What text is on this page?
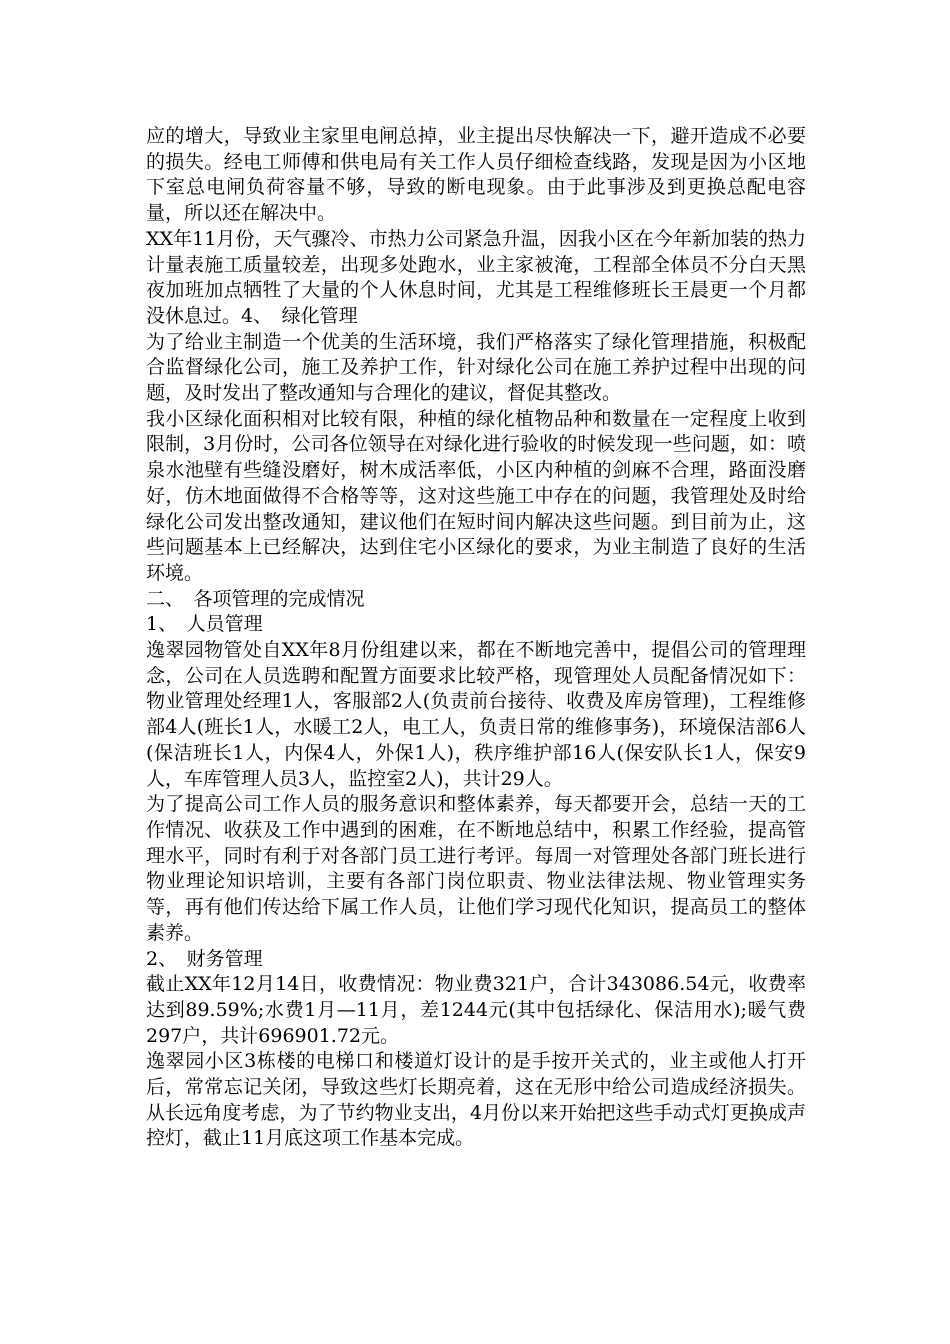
应的增大，导致业主家里电闸总掉，业主提出尽快解决一下，避开造成不必要的损失。经电工师傅和供电局有关工作人员仔细检查线路，发现是因为小区地下室总电闸负荷容量不够，导致的断电现象。由于此事涉及到更换总配电容量，所以还在解决中。

XX年11月份，天气骤冷、市热力公司紧急升温，因我小区在今年新加装的热力计量表施工质量较差，出现多处跑水，业主家被淹，工程部全体员不分白天黑夜加班加点牺牲了大量的个人休息时间，尤其是工程维修班长王晨更一个月都没休息过。4、　绿化管理

为了给业主制造一个优美的生活环境，我们严格落实了绿化管理措施，积极配合监督绿化公司，施工及养护工作，针对绿化公司在施工养护过程中出现的问题，及时发出了整改通知与合理化的建议，督促其整改。

我小区绿化面积相对比较有限，种植的绿化植物品种和数量在一定程度上收到限制，3月份时，公司各位领导在对绿化进行验收的时候发现一些问题，如：喷泉水池壁有些缝没磨好，树木成活率低，小区内种植的剑麻不合理，路面没磨好，仿木地面做得不合格等等，这对这些施工中存在的问题，我管理处及时给绿化公司发出整改通知，建议他们在短时间内解决这些问题。到目前为止，这些问题基本上已经解决，达到住宅小区绿化的要求，为业主制造了良好的生活环境。

二、　各项管理的完成情况

1、　人员管理

逸翠园物管处自XX年8月份组建以来，都在不断地完善中，提倡公司的管理理念，公司在人员选聘和配置方面要求比较严格，现管理处人员配备情况如下：物业管理处经理1人，客服部2人(负责前台接待、收费及库房管理)，工程维修部4人(班长1人，水暖工2人，电工人，负责日常的维修事务)，环境保洁部6人(保洁班长1人，内保4人，外保1人)，秩序维护部16人(保安队长1人，保安9人，车库管理人员3人，监控室2人)，共计29人。

为了提高公司工作人员的服务意识和整体素养，每天都要开会，总结一天的工作情况、收获及工作中遇到的困难，在不断地总结中，积累工作经验，提高管理水平，同时有利于对各部门员工进行考评。每周一对管理处各部门班长进行物业理论知识培训，主要有各部门岗位职责、物业法律法规、物业管理实务等，再有他们传达给下属工作人员，让他们学习现代化知识，提高员工的整体素养。

2、　财务管理

截止XX年12月14日，收费情况：物业费321户，合计343086.54元，收费率达到89.59%;水费1月—11月，差1244元(其中包括绿化、保洁用水);暖气费297户，共计696901.72元。

逸翠园小区3栋楼的电梯口和楼道灯设计的是手按开关式的，业主或他人打开后，常常忘记关闭，导致这些灯长期亮着，这在无形中给公司造成经济损失。从长远角度考虑，为了节约物业支出，4月份以来开始把这些手动式灯更换成声控灯，截止11月底这项工作基本完成。
